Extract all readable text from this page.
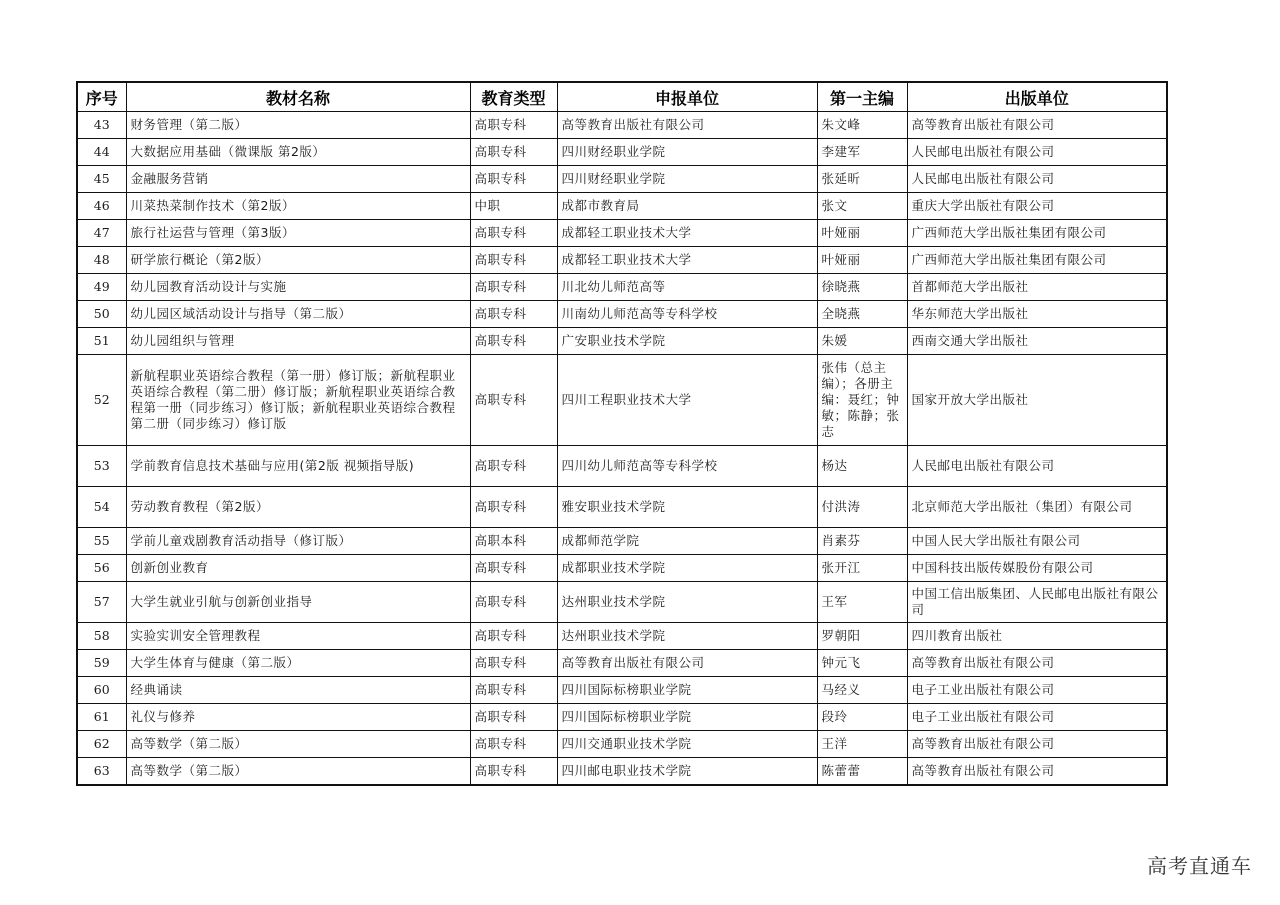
序号	教材名称	教育类型	申报单位	第一主编	出版单位

43	财务管理（第二版）	高职专科	高等教育出版社有限公司	朱文峰	高等教育出版社有限公司

44	大数据应用基础（微课版 第2版）	高职专科	四川财经职业学院	李建军	人民邮电出版社有限公司

45	金融服务营销	高职专科	四川财经职业学院	张延昕	人民邮电出版社有限公司

46	川菜热菜制作技术（第2版）	中职	成都市教育局	张文	重庆大学出版社有限公司

47	旅行社运营与管理（第3版）	高职专科	成都轻工职业技术大学	叶娅丽	广西师范大学出版社集团有限公司

48	研学旅行概论（第2版）	高职专科	成都轻工职业技术大学	叶娅丽	广西师范大学出版社集团有限公司

49	幼儿园教育活动设计与实施	高职专科	川北幼儿师范高等	徐晓燕	首都师范大学出版社

50	幼儿园区域活动设计与指导（第二版）	高职专科	川南幼儿师范高等专科学校	全晓燕	华东师范大学出版社

51	幼儿园组织与管理	高职专科	广安职业技术学院	朱媛	西南交通大学出版社

52	新航程职业英语综合教程（第一册）修订版；新航程职业英语综合教程（第二册）修订版；新航程职业英语综合教程第一册（同步练习）修订版；新航程职业英语综合教程第二册（同步练习）修订版	高职专科	四川工程职业技术大学	张伟（总主编）；各册主编：聂红；钟敏；陈静；张志	国家开放大学出版社

53	学前教育信息技术基础与应用(第2版 视频指导版)	高职专科	四川幼儿师范高等专科学校	杨达	人民邮电出版社有限公司

54	劳动教育教程（第2版）	高职专科	雅安职业技术学院	付洪涛	北京师范大学出版社（集团）有限公司

55	学前儿童戏剧教育活动指导（修订版）	高职本科	成都师范学院	肖素芬	中国人民大学出版社有限公司

56	创新创业教育	高职专科	成都职业技术学院	张开江	中国科技出版传媒股份有限公司

57	大学生就业引航与创新创业指导	高职专科	达州职业技术学院	王军	中国工信出版集团、人民邮电出版社有限公司

58	实验实训安全管理教程	高职专科	达州职业技术学院	罗朝阳	四川教育出版社

59	大学生体育与健康（第二版）	高职专科	高等教育出版社有限公司	钟元飞	高等教育出版社有限公司

60	经典诵读	高职专科	四川国际标榜职业学院	马经义	电子工业出版社有限公司

61	礼仪与修养	高职专科	四川国际标榜职业学院	段玲	电子工业出版社有限公司

62	高等数学（第二版）	高职专科	四川交通职业技术学院	王洋	高等教育出版社有限公司

63	高等数学（第二版）	高职专科	四川邮电职业技术学院	陈蕾蕾	高等教育出版社有限公司
高考直通车
